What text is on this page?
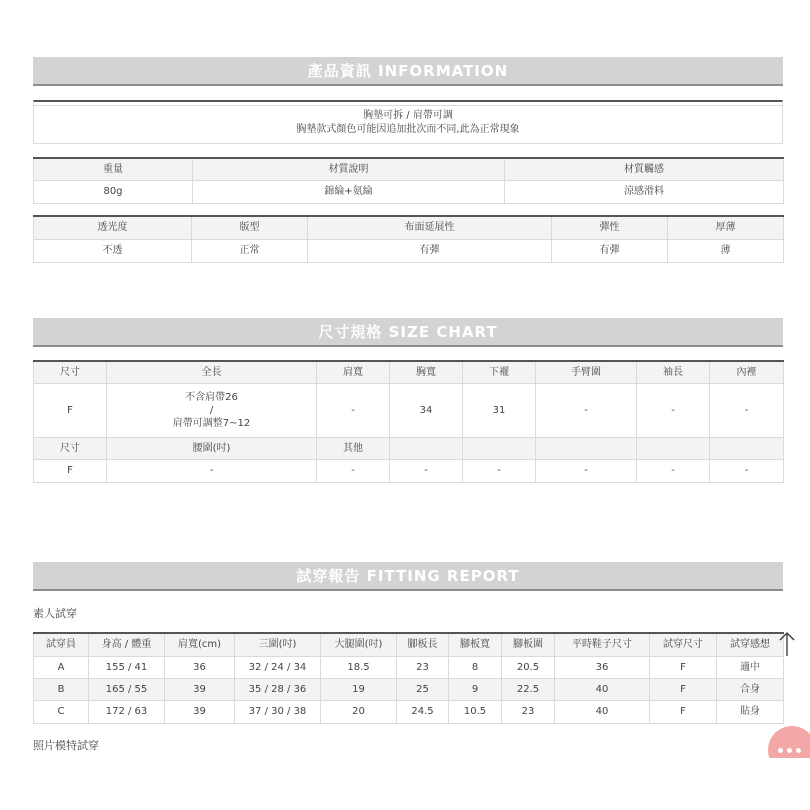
產品資訊 INFORMATION
胸墊可拆 / 肩帶可調
胸墊款式顏色可能因追加批次而不同,此為正常現象
重量	材質說明	材質觸感
80g	錦綸+氨綸	涼感滑料
透光度	版型	布面延展性	彈性	厚薄
不透	正常	有彈	有彈	薄
尺寸規格 SIZE CHART
尺寸	全長	肩寬	胸寬	下襬	手臂圍	袖長	內裡
F	不含肩帶26
/
肩帶可調整7~12	-	34	31	-	-	-
尺寸	腰圍(吋)	其他					
F	-	-	-	-	-	-	-
試穿報告 FITTING REPORT
素人試穿
試穿員	身高 / 體重	肩寬(cm)	三圍(吋)	大腿圍(吋)	腳板長	腳板寬	腳板圍	平時鞋子尺寸	試穿尺寸	試穿感想
A	155 / 41	36	32 / 24 / 34	18.5	23	8	20.5	36	F	適中
B	165 / 55	39	35 / 28 / 36	19	25	9	22.5	40	F	合身
C	172 / 63	39	37 / 30 / 38	20	24.5	10.5	23	40	F	貼身
照片模特試穿
